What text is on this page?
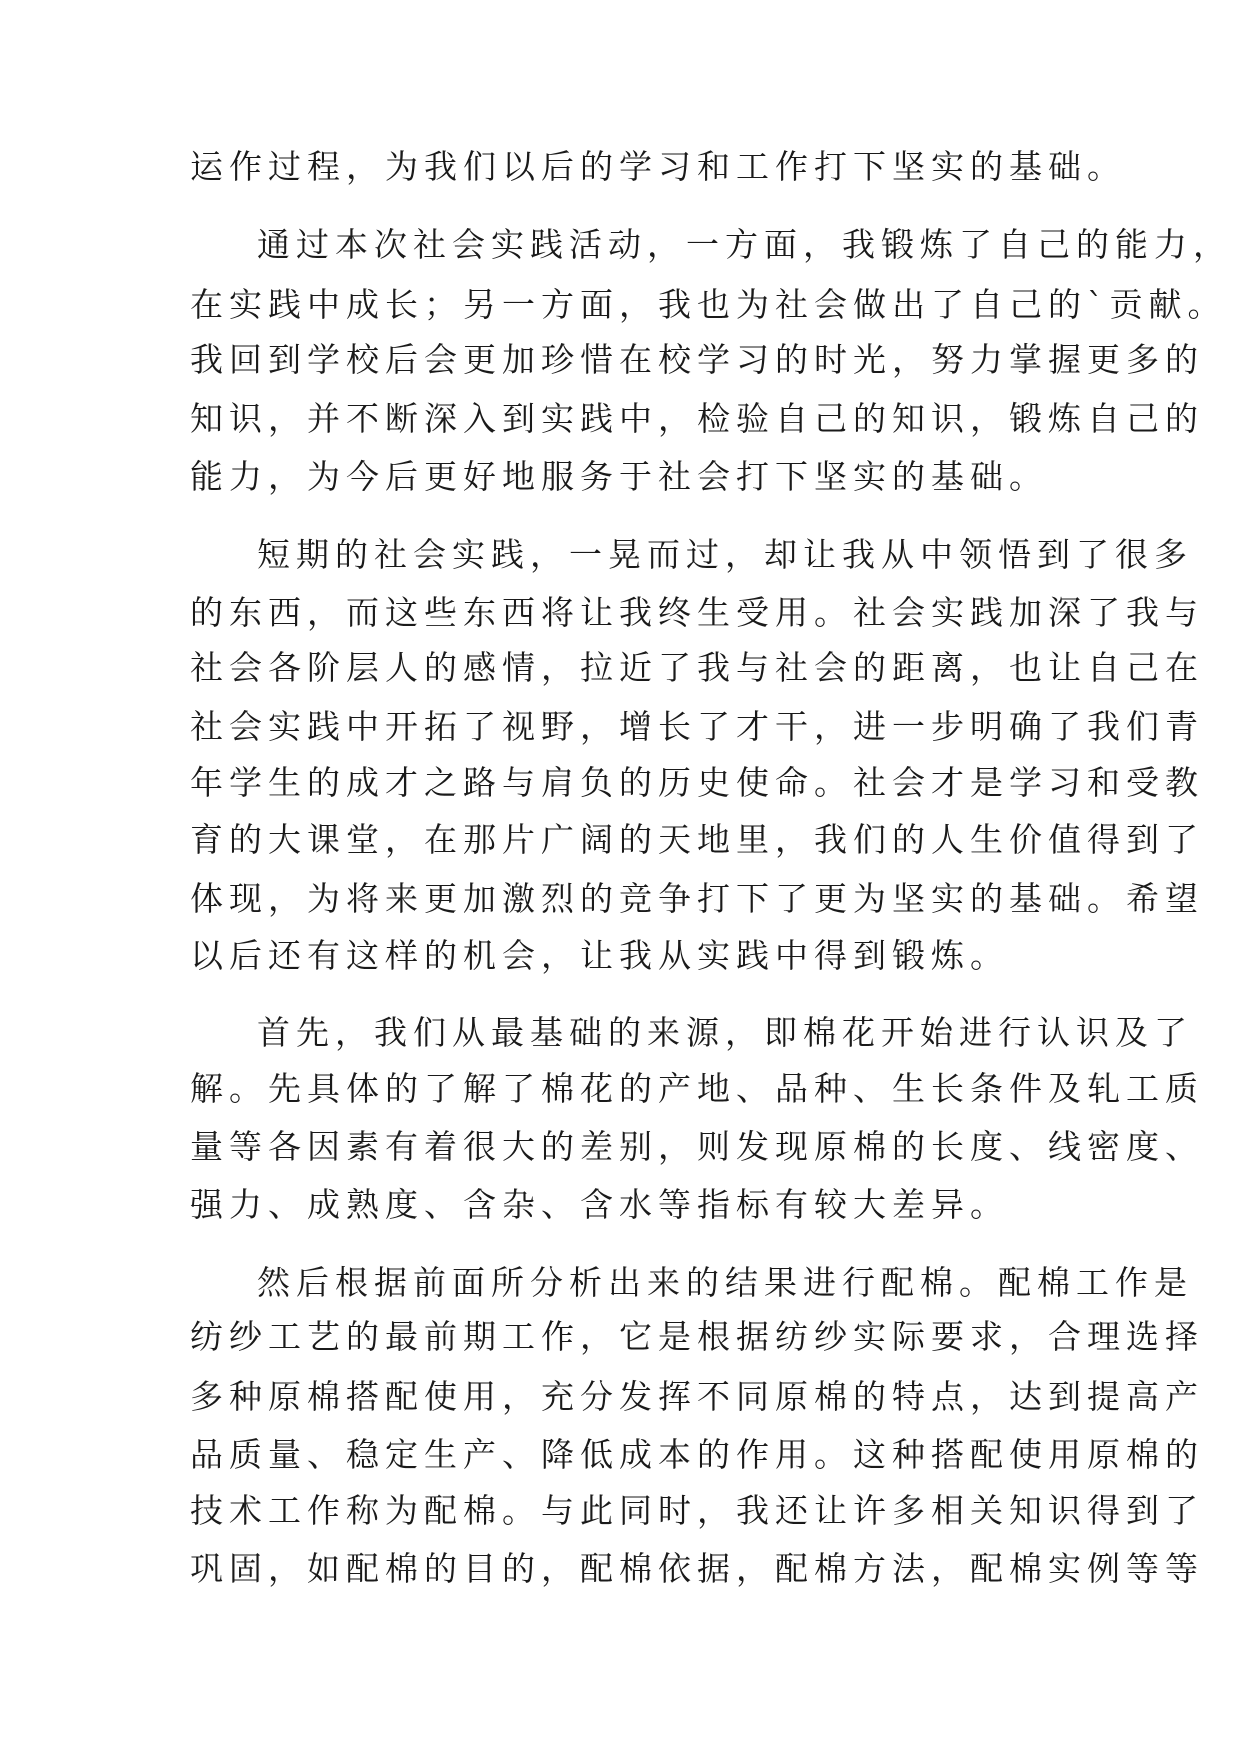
运作过程，为我们以后的学习和工作打下坚实的基础。

通过本次社会实践活动，一方面，我锻炼了自己的能力，

在实践中成长；另一方面，我也为社会做出了自己的`贡献。

我回到学校后会更加珍惜在校学习的时光，努力掌握更多的

知识，并不断深入到实践中，检验自己的知识，锻炼自己的

能力，为今后更好地服务于社会打下坚实的基础。

短期的社会实践，一晃而过，却让我从中领悟到了很多

的东西，而这些东西将让我终生受用。社会实践加深了我与

社会各阶层人的感情，拉近了我与社会的距离，也让自己在

社会实践中开拓了视野，增长了才干，进一步明确了我们青

年学生的成才之路与肩负的历史使命。社会才是学习和受教

育的大课堂，在那片广阔的天地里，我们的人生价值得到了

体现，为将来更加激烈的竞争打下了更为坚实的基础。希望

以后还有这样的机会，让我从实践中得到锻炼。

首先，我们从最基础的来源，即棉花开始进行认识及了

解。先具体的了解了棉花的产地、品种、生长条件及轧工质

量等各因素有着很大的差别，则发现原棉的长度、线密度、

强力、成熟度、含杂、含水等指标有较大差异。

然后根据前面所分析出来的结果进行配棉。配棉工作是

纺纱工艺的最前期工作，它是根据纺纱实际要求，合理选择

多种原棉搭配使用，充分发挥不同原棉的特点，达到提高产

品质量、稳定生产、降低成本的作用。这种搭配使用原棉的

技术工作称为配棉。与此同时，我还让许多相关知识得到了

巩固，如配棉的目的，配棉依据，配棉方法，配棉实例等等
